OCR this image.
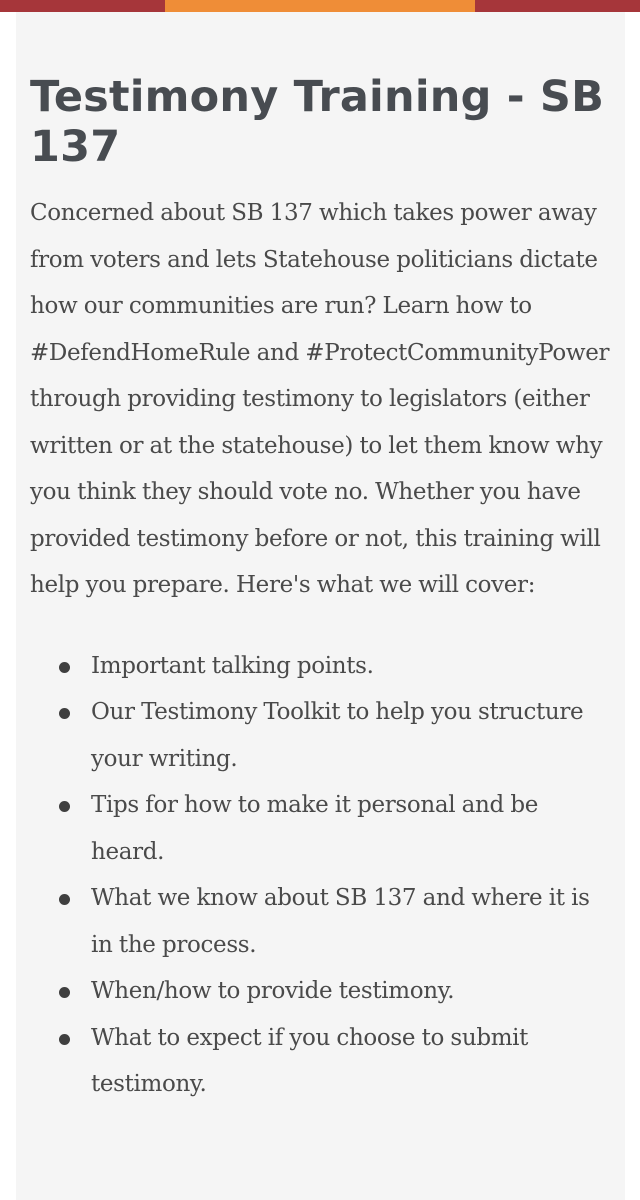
Testimony Training - SB 137

Concerned about SB 137 which takes power away from voters and lets Statehouse politicians dictate how our communities are run? Learn how to #DefendHomeRule and #ProtectCommunityPower through providing testimony to legislators (either written or at the statehouse) to let them know why you think they should vote no. Whether you have provided testimony before or not, this training will help you prepare. Here's what we will cover:

Important talking points.
Our Testimony Toolkit to help you structure your writing.
Tips for how to make it personal and be heard.
What we know about SB 137 and where it is in the process.
When/how to provide testimony.
What to expect if you choose to submit testimony.
